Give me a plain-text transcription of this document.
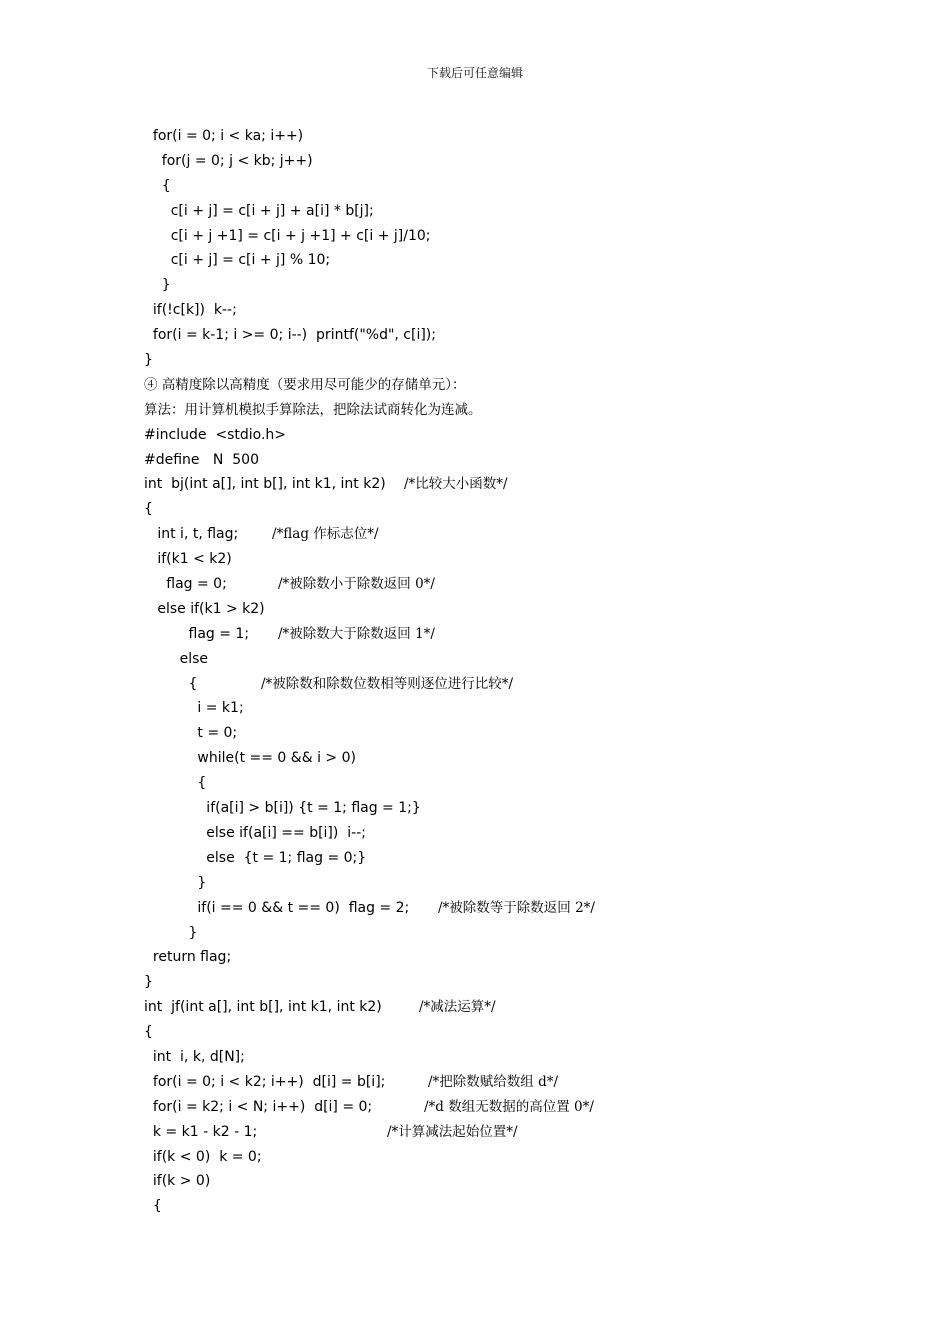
下载后可任意编辑
for(i = 0; i < ka; i++)
for(j = 0; j < kb; j++)
{
c[i + j] = c[i + j] + a[i] * b[j];
c[i + j +1] = c[i + j +1] + c[i + j]/10;
c[i + j] = c[i + j] % 10;
}
if(!c[k])  k--;
for(i = k-1; i >= 0; i--)  printf("%d", c[i]);
}
④ 高精度除以高精度（要求用尽可能少的存储单元）：
算法：用计算机模拟手算除法，把除法试商转化为连减。
#include  <stdio.h>
#define   N  500
int  bj(int a[], int b[], int k1, int k2) /*比较大小函数*/
{
int i, t, flag;	/*flag 作标志位*/
if(k1 < k2)
flag = 0;	/*被除数小于除数返回 0*/
else if(k1 > k2)
flag = 1; /*被除数大于除数返回 1*/
else
{	/*被除数和除数位数相等则逐位进行比较*/
i = k1;
t = 0;
while(t == 0 && i > 0)
{
if(a[i] > b[i]) {t = 1; flag = 1;}
else if(a[i] == b[i])  i--;
else  {t = 1; flag = 0;}
}
if(i == 0 && t == 0)  flag = 2; /*被除数等于除数返回 2*/
}
return flag;
}
int  jf(int a[], int b[], int k1, int k2)	/*减法运算*/
{
int  i, k, d[N];
for(i = 0; i < k2; i++)  d[i] = b[i];	/*把除数赋给数组 d*/
for(i = k2; i < N; i++)  d[i] = 0;	/*d 数组无数据的高位置 0*/
k = k1 - k2 - 1;	/*计算减法起始位置*/
if(k < 0)  k = 0;
if(k > 0)
{
